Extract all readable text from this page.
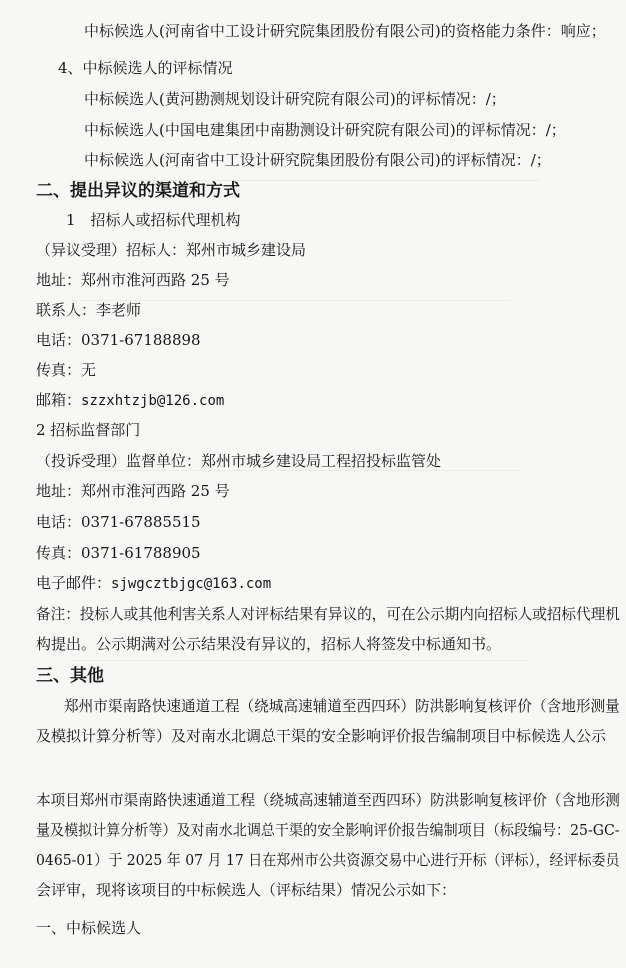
中标候选人(河南省中工设计研究院集团股份有限公司)的资格能力条件：响应；
4、中标候选人的评标情况
中标候选人(黄河勘测规划设计研究院有限公司)的评标情况：/；
中标候选人(中国电建集团中南勘测设计研究院有限公司)的评标情况：/；
中标候选人(河南省中工设计研究院集团股份有限公司)的评标情况：/；
二、提出异议的渠道和方式
1　招标人或招标代理机构
（异议受理）招标人：郑州市城乡建设局
地址：郑州市淮河西路 25 号
联系人：李老师
电话：0371-67188898
传真：无
邮箱：szzxhtzjb@126.com
2 招标监督部门
（投诉受理）监督单位：郑州市城乡建设局工程招投标监管处
地址：郑州市淮河西路 25 号
电话：0371-67885515
传真：0371-61788905
电子邮件：sjwgcztbjgc@163.com
备注：投标人或其他利害关系人对评标结果有异议的，可在公示期内向招标人或招标代理机
构提出。公示期满对公示结果没有异议的，招标人将签发中标通知书。
三、其他
郑州市渠南路快速通道工程（绕城高速辅道至西四环）防洪影响复核评价（含地形测量
及模拟计算分析等）及对南水北调总干渠的安全影响评价报告编制项目中标候选人公示
本项目郑州市渠南路快速通道工程（绕城高速辅道至西四环）防洪影响复核评价（含地形测
量及模拟计算分析等）及对南水北调总干渠的安全影响评价报告编制项目（标段编号：25-GC-
0465-01）于 2025 年 07 月 17 日在郑州市公共资源交易中心进行开标（评标），经评标委员
会评审，现将该项目的中标候选人（评标结果）情况公示如下：
一、中标候选人
